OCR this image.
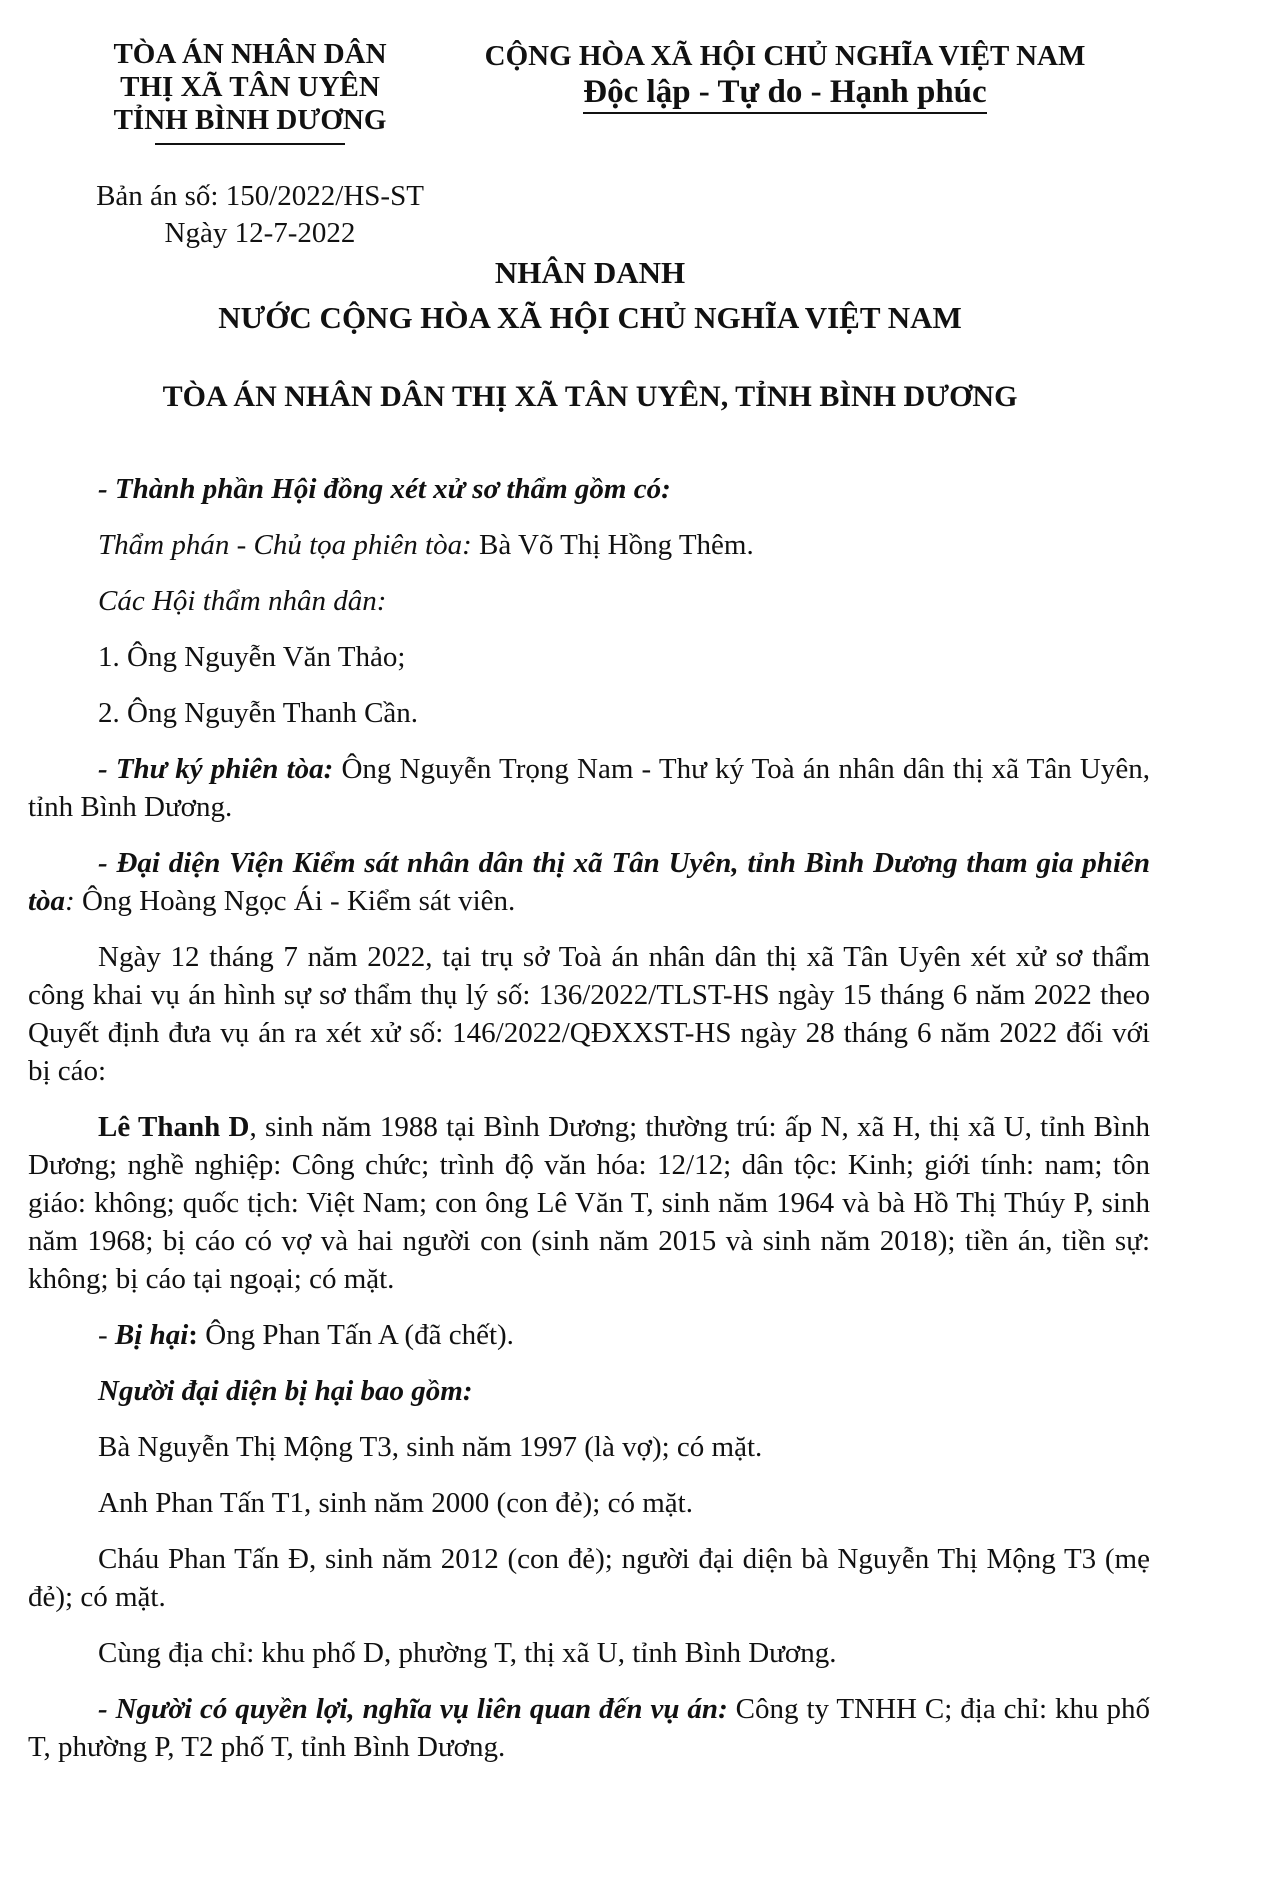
TÒA ÁN NHÂN DÂN
THỊ XÃ TÂN UYÊN
TỈNH BÌNH DƯƠNG
CỘNG HÒA XÃ HỘI CHỦ NGHĨA VIỆT NAM
Độc lập - Tự do - Hạnh phúc
Bản án số: 150/2022/HS-ST
Ngày 12-7-2022
NHÂN DANH
NƯỚC CỘNG HÒA XÃ HỘI CHỦ NGHĨA VIỆT NAM
TÒA ÁN NHÂN DÂN THỊ XÃ TÂN UYÊN, TỈNH BÌNH DƯƠNG

- Thành phần Hội đồng xét xử sơ thẩm gồm có:

Thẩm phán - Chủ tọa phiên tòa: Bà Võ Thị Hồng Thêm.

Các Hội thẩm nhân dân:

1. Ông Nguyễn Văn Thảo;

2. Ông Nguyễn Thanh Cần.

- Thư ký phiên tòa: Ông Nguyễn Trọng Nam - Thư ký Toà án nhân dân thị xã Tân Uyên, tỉnh Bình Dương.

- Đại diện Viện Kiểm sát nhân dân thị xã Tân Uyên, tỉnh Bình Dương tham gia phiên tòa: Ông Hoàng Ngọc Ái - Kiểm sát viên.

Ngày 12 tháng 7 năm 2022, tại trụ sở Toà án nhân dân thị xã Tân Uyên xét xử sơ thẩm công khai vụ án hình sự sơ thẩm thụ lý số: 136/2022/TLST-HS ngày 15 tháng 6 năm 2022 theo Quyết định đưa vụ án ra xét xử số: 146/2022/QĐXXST-HS ngày 28 tháng 6 năm 2022 đối với bị cáo:

Lê Thanh D, sinh năm 1988 tại Bình Dương; thường trú: ấp N, xã H, thị xã U, tỉnh Bình Dương; nghề nghiệp: Công chức; trình độ văn hóa: 12/12; dân tộc: Kinh; giới tính: nam; tôn giáo: không; quốc tịch: Việt Nam; con ông Lê Văn T, sinh năm 1964 và bà Hồ Thị Thúy P, sinh năm 1968; bị cáo có vợ và hai người con (sinh năm 2015 và sinh năm 2018); tiền án, tiền sự: không; bị cáo tại ngoại; có mặt.

- Bị hại: Ông Phan Tấn A (đã chết).

Người đại diện bị hại bao gồm:

Bà Nguyễn Thị Mộng T3, sinh năm 1997 (là vợ); có mặt.

Anh Phan Tấn T1, sinh năm 2000 (con đẻ); có mặt.

Cháu Phan Tấn Đ, sinh năm 2012 (con đẻ); người đại diện bà Nguyễn Thị Mộng T3 (mẹ đẻ); có mặt.

Cùng địa chỉ: khu phố D, phường T, thị xã U, tỉnh Bình Dương.

- Người có quyền lợi, nghĩa vụ liên quan đến vụ án: Công ty TNHH C; địa chỉ: khu phố T, phường P, T2 phố T, tỉnh Bình Dương.
